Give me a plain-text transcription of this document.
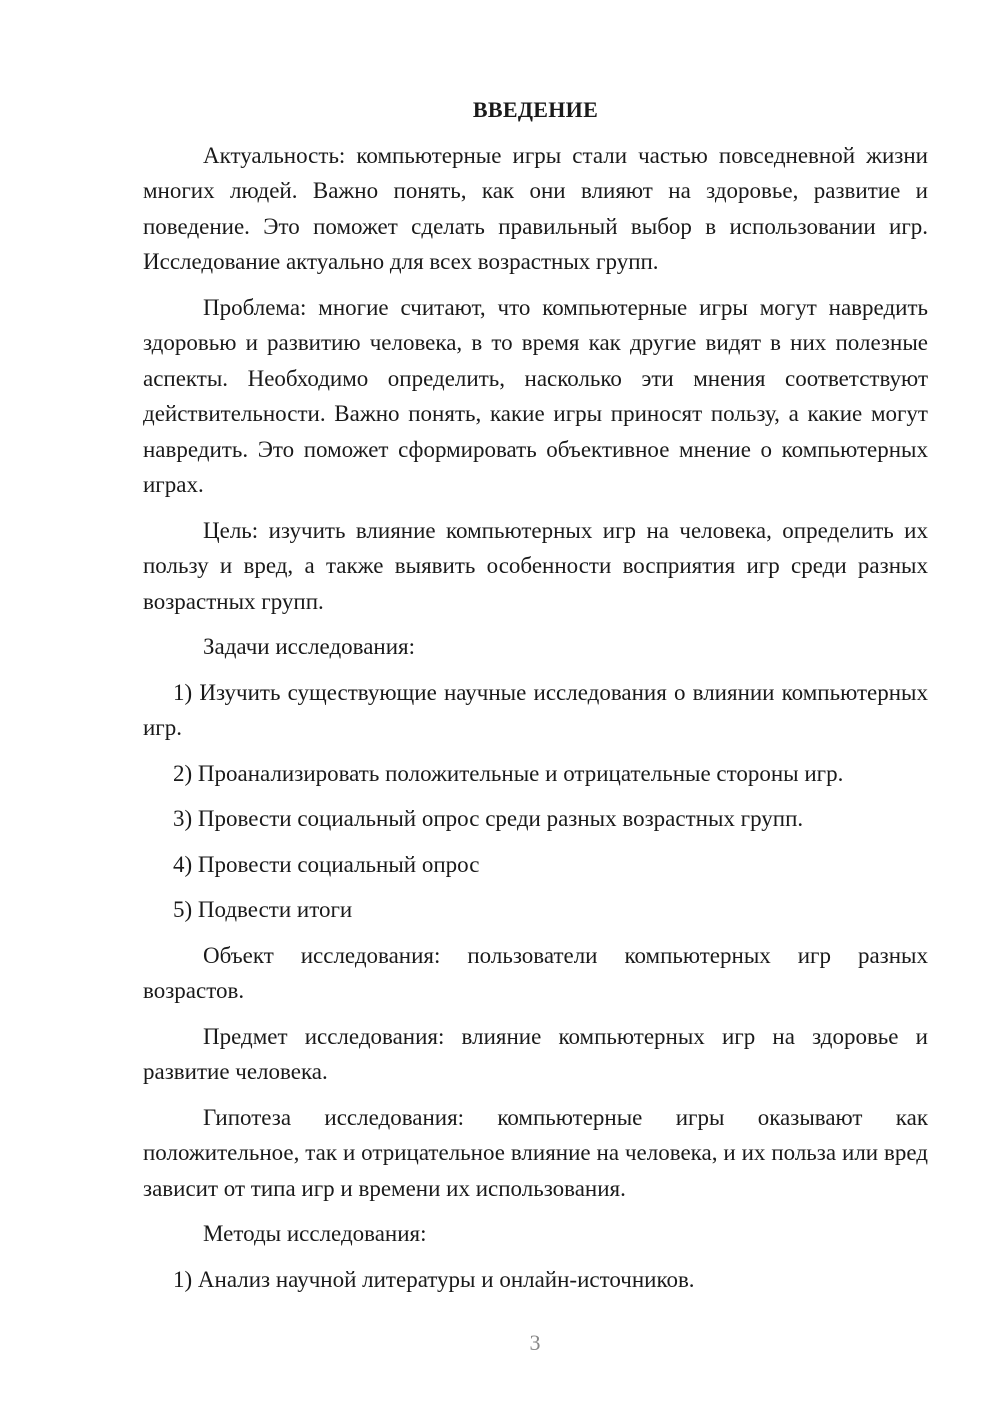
ВВЕДЕНИЕ

Актуальность: компьютерные игры стали частью повседневной жизни многих людей. Важно понять, как они влияют на здоровье, развитие и поведение. Это поможет сделать правильный выбор в использовании игр. Исследование актуально для всех возрастных групп.

Проблема: многие считают, что компьютерные игры могут навредить здоровью и развитию человека, в то время как другие видят в них полезные аспекты. Необходимо определить, насколько эти мнения соответствуют действительности. Важно понять, какие игры приносят пользу, а какие могут навредить. Это поможет сформировать объективное мнение о компьютерных играх.

Цель: изучить влияние компьютерных игр на человека, определить их пользу и вред, а также выявить особенности восприятия игр среди разных возрастных групп.

Задачи исследования:

1) Изучить существующие научные исследования о влиянии компьютерных игр.

2) Проанализировать положительные и отрицательные стороны игр.

3) Провести социальный опрос среди разных возрастных групп.

4) Провести социальный опрос

5) Подвести итоги

Объект исследования: пользователи компьютерных игр разных возрастов.

Предмет исследования: влияние компьютерных игр на здоровье и развитие человека.

Гипотеза исследования: компьютерные игры оказывают как положительное, так и отрицательное влияние на человека, и их польза или вред зависит от типа игр и времени их использования.

Методы исследования:

1) Анализ научной литературы и онлайн-источников.

3
